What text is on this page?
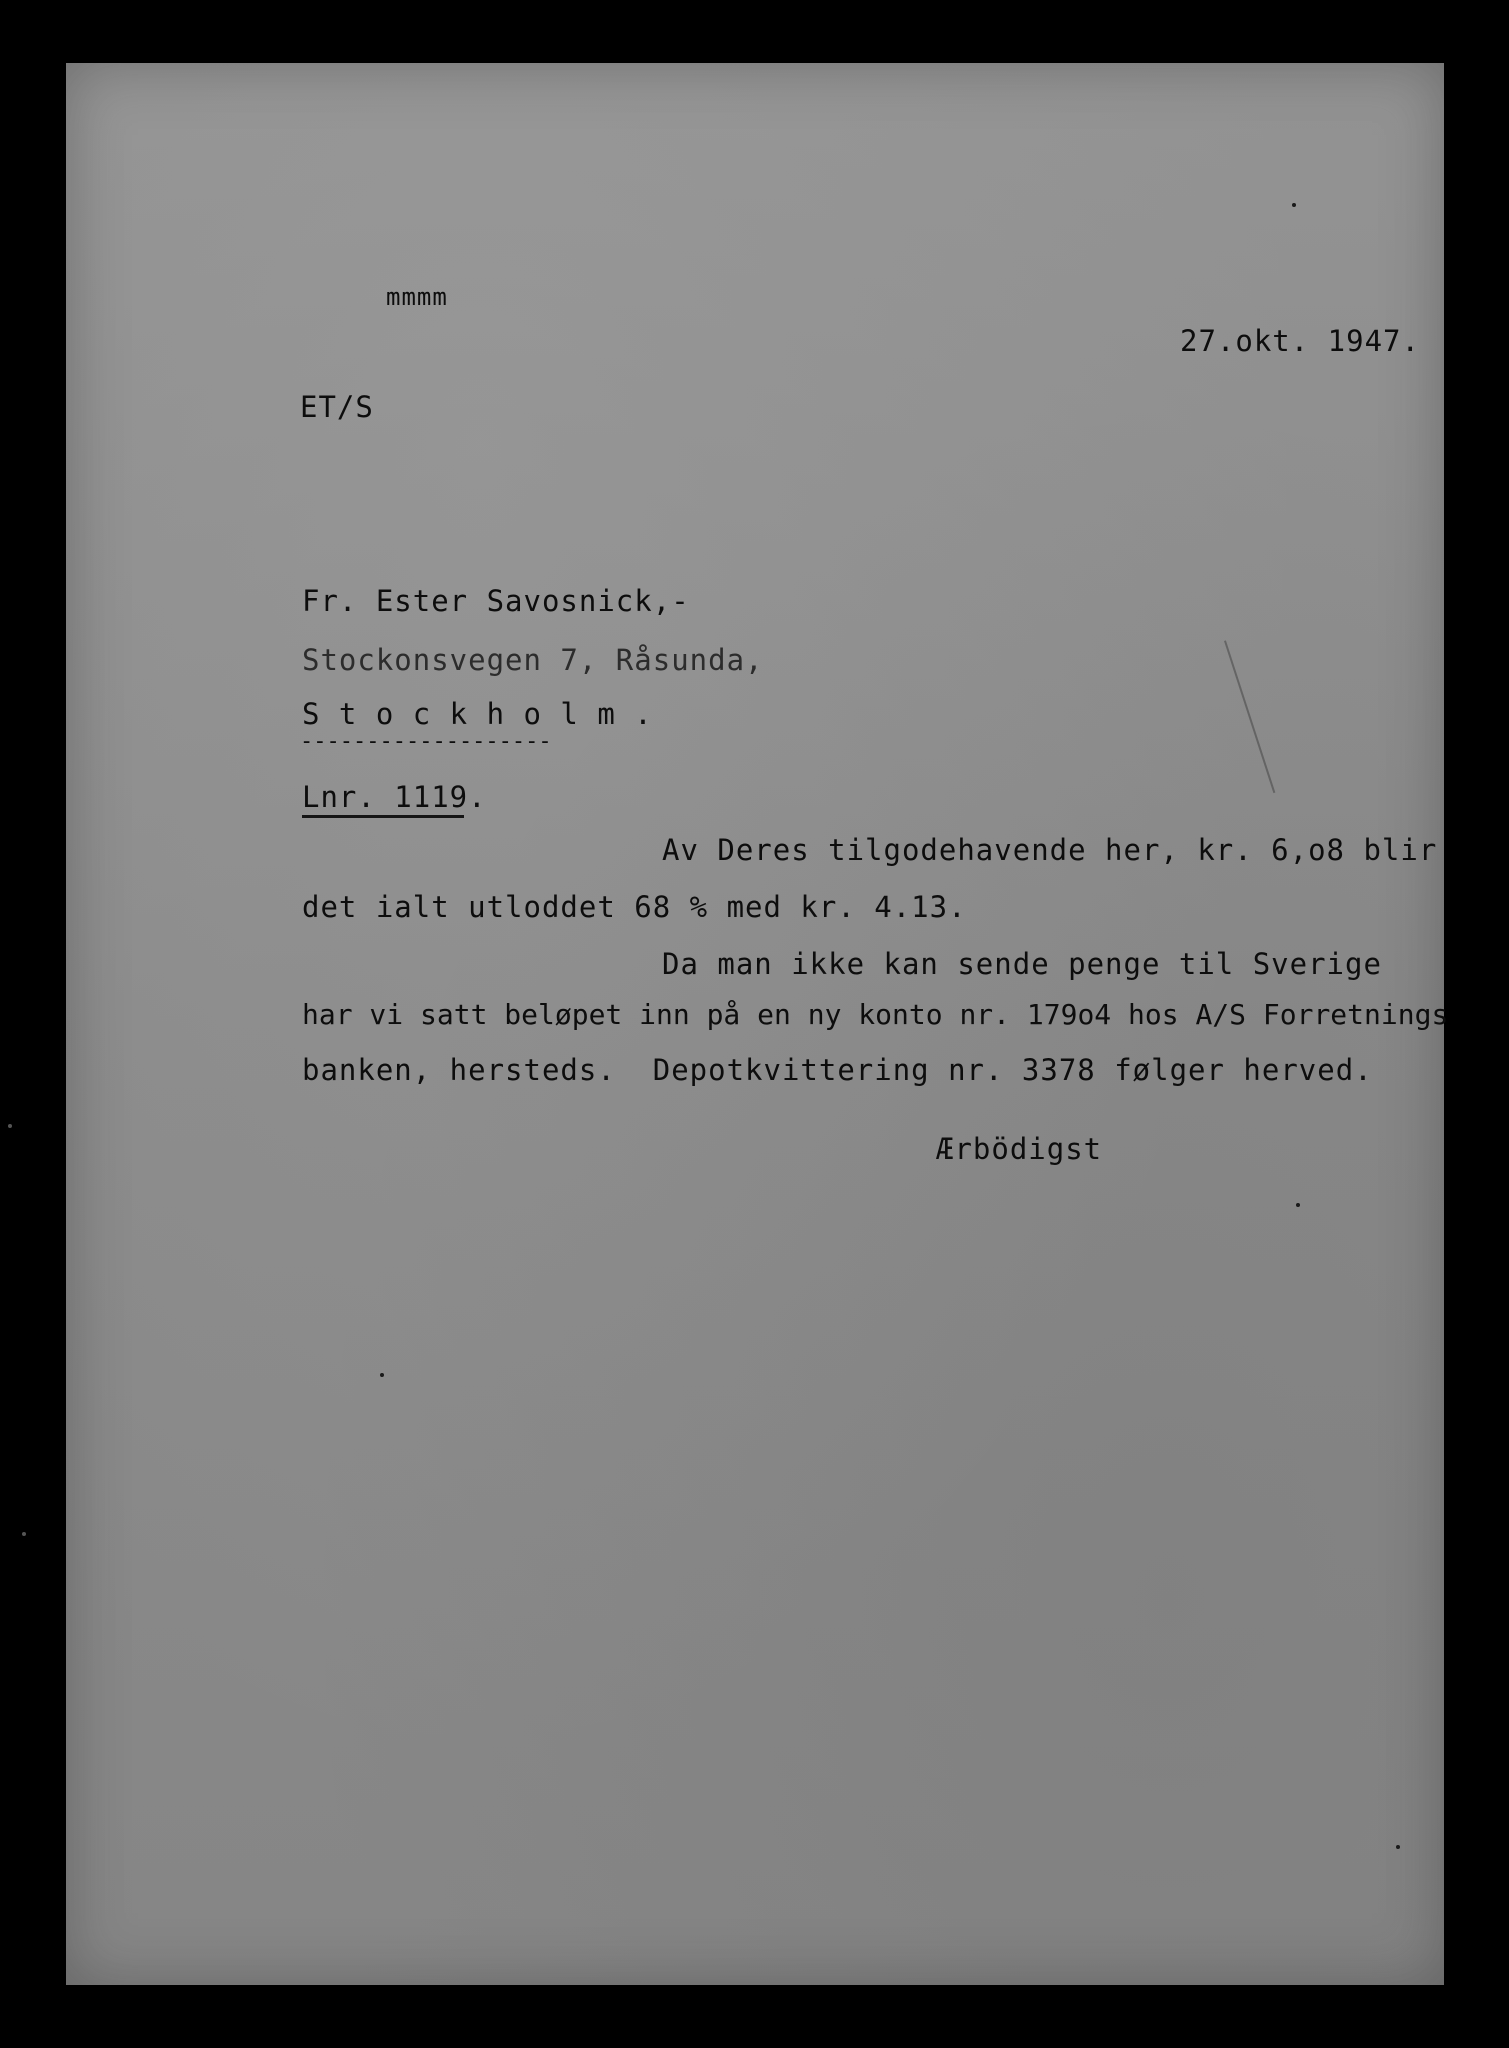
mmmm
27.okt. 1947.
ET/S
Fr. Ester Savosnick,-
Stockonsvegen 7, Råsunda,
S t o c k h o l m .
-------------------
Lnr. 1119.
Av Deres tilgodehavende her, kr. 6,o8 blir
det ialt utloddet 68 % med kr. 4.13.
Da man ikke kan sende penge til Sverige
har vi satt beløpet inn på en ny konto nr. 179o4 hos A/S Forretnings
banken, hersteds.  Depotkvittering nr. 3378 følger herved.
Ærbödigst
